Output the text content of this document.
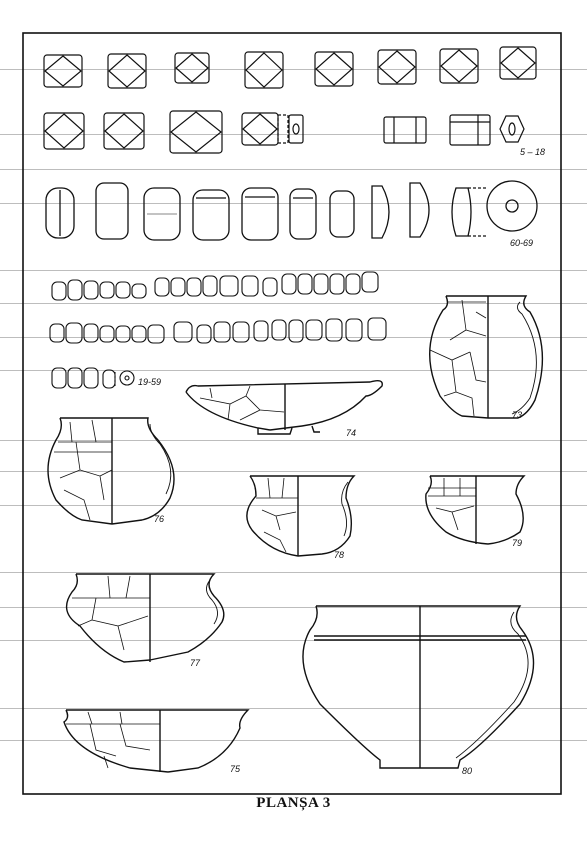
5 – 18
60-69
19-59
73
74
76
78
79
77
80
75
PLANȘA 3
